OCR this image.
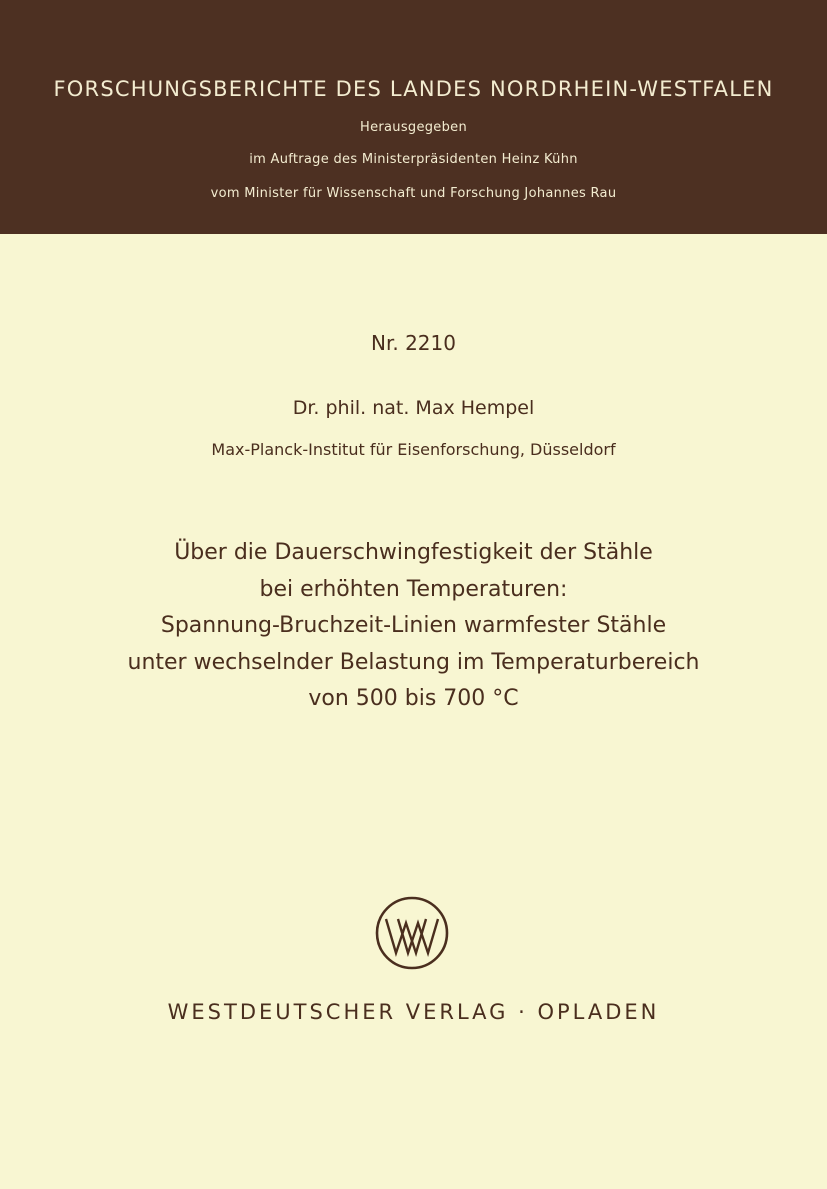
FORSCHUNGSBERICHTE DES LANDES NORDRHEIN-WESTFALEN
Herausgegeben
im Auftrage des Ministerpräsidenten Heinz Kühn
vom Minister für Wissenschaft und Forschung Johannes Rau
Nr. 2210
Dr. phil. nat. Max Hempel
Max-Planck-Institut für Eisenforschung, Düsseldorf
Über die Dauerschwingfestigkeit der Stähle
bei erhöhten Temperaturen:
Spannung-Bruchzeit-Linien warmfester Stähle
unter wechselnder Belastung im Temperaturbereich
von 500 bis 700 °C
WESTDEUTSCHER VERLAG · OPLADEN
